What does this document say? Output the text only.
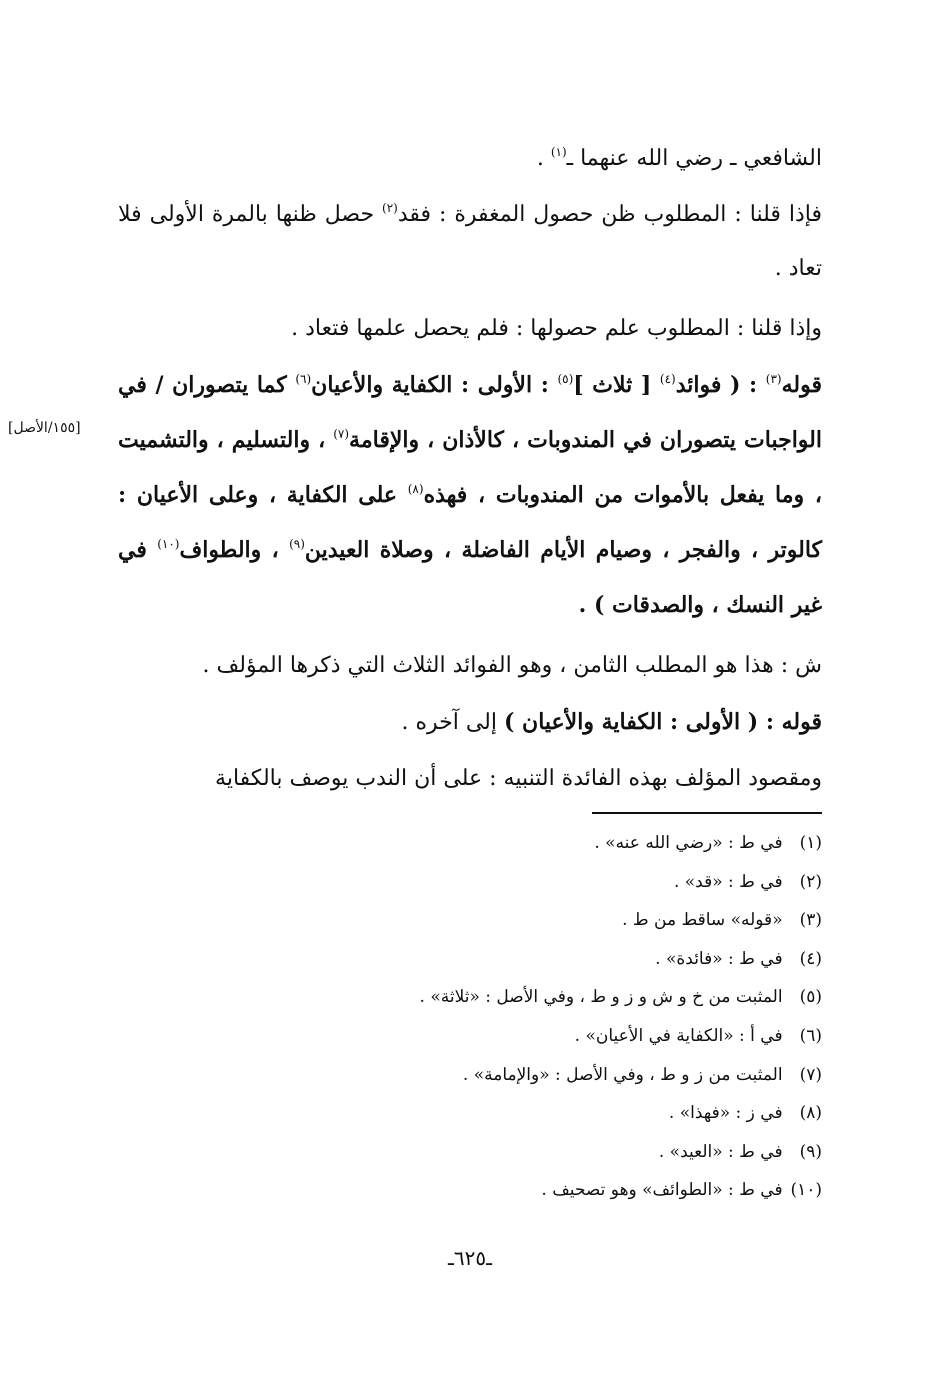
الشافعي ـ رضي الله عنهما ـ$^{(١)}$ .

فإذا قلنا : المطلوب ظن حصول المغفرة : فقد$^{(٢)}$ حصل ظنها بالمرة الأولى فلا تعاد .

وإذا قلنا : المطلوب علم حصولها : فلم يحصل علمها فتعاد .

قوله$^{(٣)}$ : ( فوائد$^{(٤)}$ [ ثلاث ]$^{(٥)}$ : الأولى : الكفاية والأعيان$^{(٦)}$ كما يتصوران / في الواجبات يتصوران في المندوبات ، كالأذان ، والإقامة$^{(٧)}$ ، والتسليم ، والتشميت ، وما يفعل بالأموات من المندوبات ، فهذه$^{(٨)}$ على الكفاية ، وعلى الأعيان : كالوتر ، والفجر ، وصيام الأيام الفاضلة ، وصلاة العيدين$^{(٩)}$ ، والطواف$^{(١٠)}$ في غير النسك ، والصدقات ) .

ش : هذا هو المطلب الثامن ، وهو الفوائد الثلاث التي ذكرها المؤلف .

قوله : ( الأولى : الكفاية والأعيان ) إلى آخره .

ومقصود المؤلف بهذه الفائدة التنبيه : على أن الندب يوصف بالكفاية

[١٥٥/الأصل]
(١) في ط : «رضي الله عنه» .
(٢) في ط : «قد» .
(٣) «قوله» ساقط من ط .
(٤) في ط : «فائدة» .
(٥) المثبت من خ و ش و ز و ط ، وفي الأصل : «ثلاثة» .
(٦) في أ : «الكفاية في الأعيان» .
(٧) المثبت من ز و ط ، وفي الأصل : «والإمامة» .
(٨) في ز : «فهذا» .
(٩) في ط : «العيد» .
(١٠) في ط : «الطوائف» وهو تصحيف .
ـ٦٢٥ـ
